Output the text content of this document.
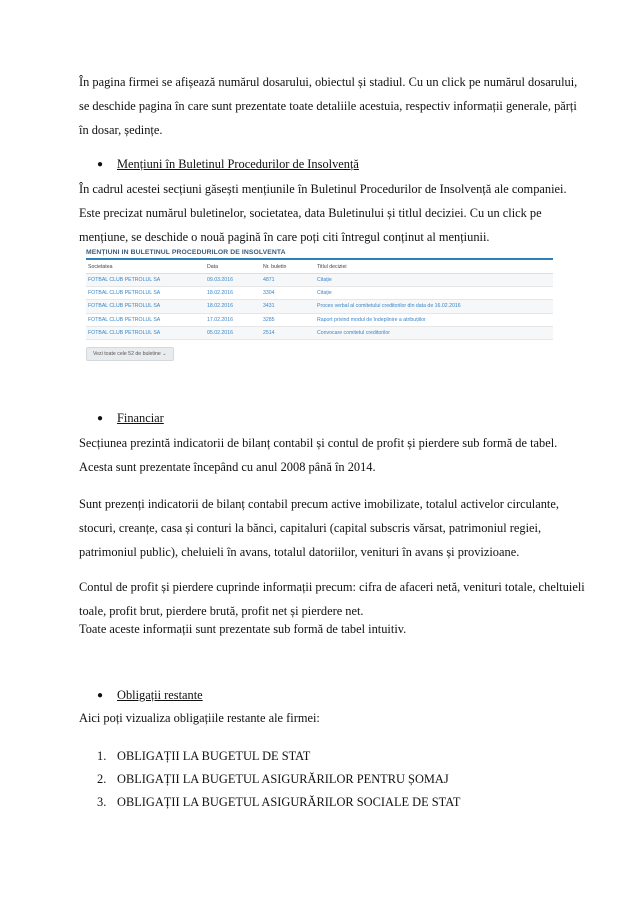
În pagina firmei se afișează numărul dosarului, obiectul și stadiul. Cu un click pe numărul dosarului,
se deschide pagina în care sunt prezentate toate detaliile acestuia, respectiv informații generale, părți
în dosar, ședințe.

● Mențiuni în Buletinul Procedurilor de Insolvență

În cadrul acestei secțiuni găsești mențiunile în Buletinul Procedurilor de Insolvență ale companiei.
Este precizat numărul buletinelor, societatea, data Buletinului și titlul deciziei. Cu un click pe
mențiune, se deschide o nouă pagină în care poți citi întregul conținut al mențiunii.

MENȚIUNI IN BULETINUL PROCEDURILOR DE INSOLVENTA
Societatea	Data	Nr. buletin	Titlul deciziei
FOTBAL CLUB PETROLUL SA	09.03.2016	4871	Citație
FOTBAL CLUB PETROLUL SA	18.02.2016	3304	Citație
FOTBAL CLUB PETROLUL SA	18.02.2016	3431	Proces verbal al comitetului creditorilor din data de 16.02.2016
FOTBAL CLUB PETROLUL SA	17.02.2016	3285	Raport privind modul de îndeplinire a atribuțiilor
FOTBAL CLUB PETROLUL SA	05.02.2016	2514	Convocare comitetul creditorilor
Vezi toate cele 52 de buletine ⌄
● Financiar

Secțiunea prezintă indicatorii de bilanț contabil și contul de profit și pierdere sub formă de tabel.
Acesta sunt prezentate începând cu anul 2008 până în 2014.

Sunt prezenți indicatorii de bilanț contabil precum active imobilizate, totalul activelor circulante,
stocuri, creanțe, casa și conturi la bănci, capitaluri (capital subscris vărsat, patrimoniul regiei,
patrimoniul public), cheluieli în avans, totalul datoriilor, venituri în avans și provizioane.

Contul de profit și pierdere cuprinde informații precum: cifra de afaceri netă, venituri totale, cheltuieli
toale, profit brut, pierdere brută, profit net și pierdere net.

Toate aceste informații sunt prezentate sub formă de tabel intuitiv.

● Obligații restante

Aici poți vizualiza obligațiile restante ale firmei:

1. OBLIGAȚII LA BUGETUL DE STAT
2. OBLIGAȚII LA BUGETUL ASIGURĂRILOR PENTRU ȘOMAJ
3. OBLIGAȚII LA BUGETUL ASIGURĂRILOR SOCIALE DE STAT
